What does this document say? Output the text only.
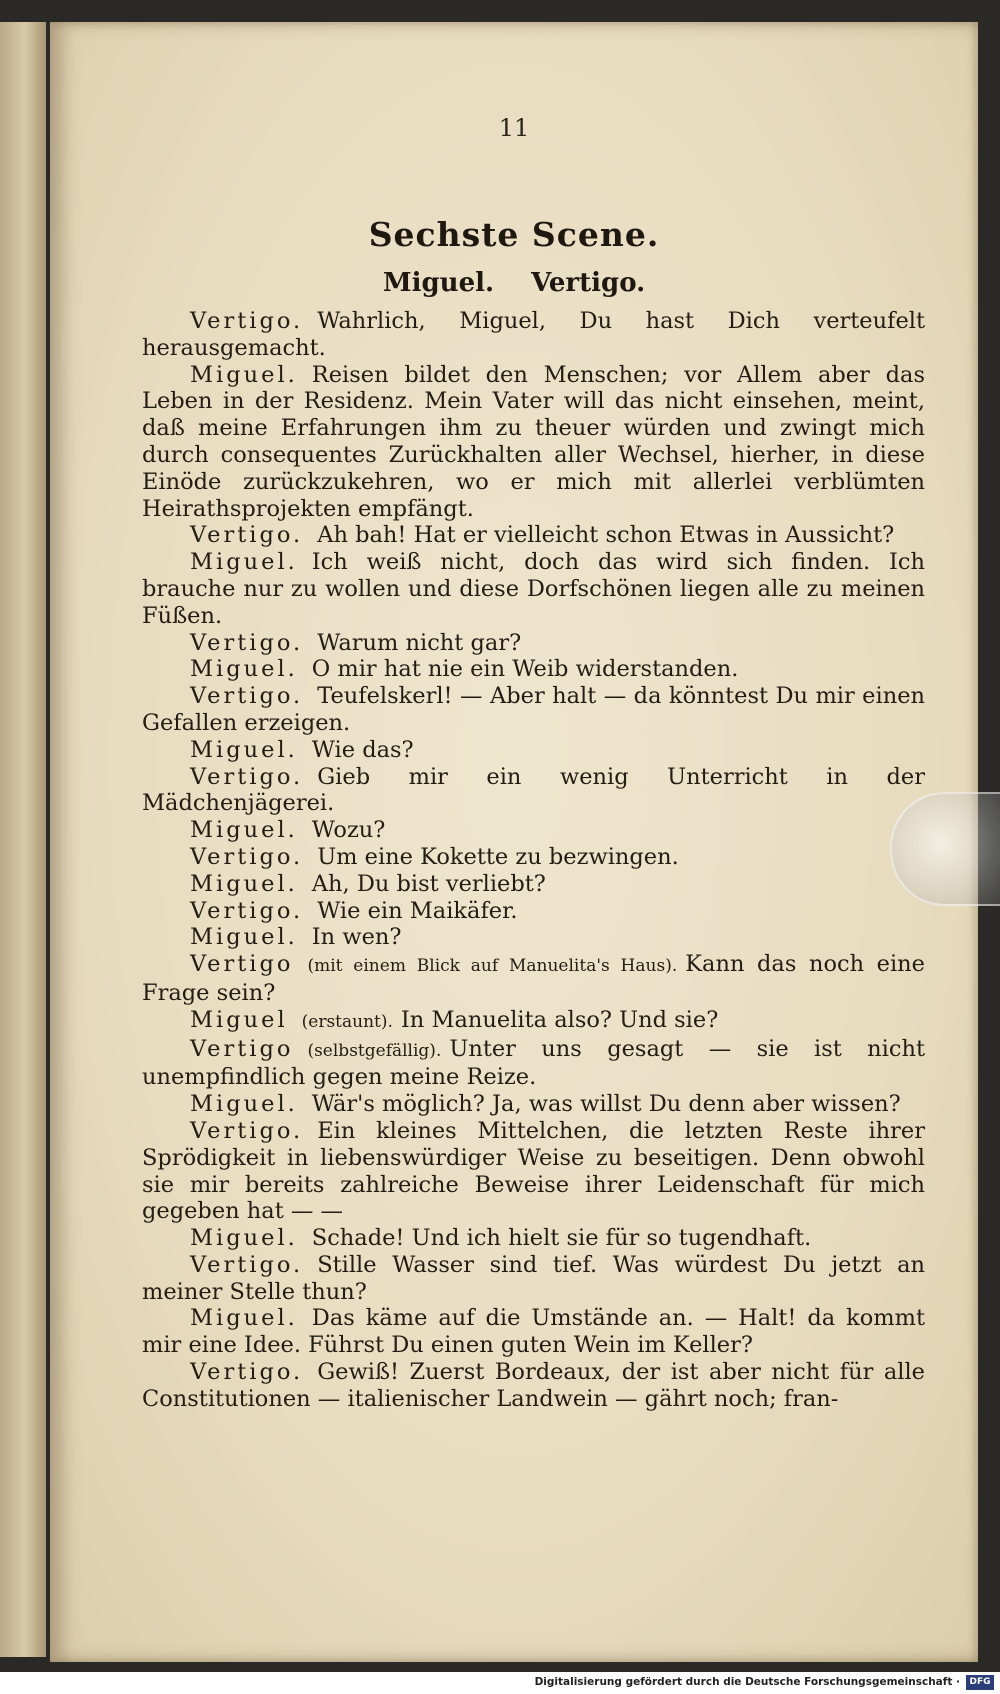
11
Sechste Scene.
Miguel. Vertigo.

Vertigo. Wahrlich, Miguel, Du hast Dich verteufelt herausgemacht.

Miguel. Reisen bildet den Menschen; vor Allem aber das Leben in der Residenz. Mein Vater will das nicht einsehen, meint, daß meine Erfahrungen ihm zu theuer würden und zwingt mich durch consequentes Zurückhalten aller Wechsel, hierher, in diese Einöde zurückzukehren, wo er mich mit allerlei verblümten Heirathsprojekten empfängt.

Vertigo. Ah bah! Hat er vielleicht schon Etwas in Aussicht?

Miguel. Ich weiß nicht, doch das wird sich finden. Ich brauche nur zu wollen und diese Dorfschönen liegen alle zu meinen Füßen.

Vertigo. Warum nicht gar?

Miguel. O mir hat nie ein Weib widerstanden.

Vertigo. Teufelskerl! — Aber halt — da könntest Du mir einen Gefallen erzeigen.

Miguel. Wie das?

Vertigo. Gieb mir ein wenig Unterricht in der Mädchenjägerei.

Miguel. Wozu?

Vertigo. Um eine Kokette zu bezwingen.

Miguel. Ah, Du bist verliebt?

Vertigo. Wie ein Maikäfer.

Miguel. In wen?

Vertigo (mit einem Blick auf Manuelita's Haus). Kann das noch eine Frage sein?

Miguel (erstaunt). In Manuelita also? Und sie?

Vertigo (selbstgefällig). Unter uns gesagt — sie ist nicht unempfindlich gegen meine Reize.

Miguel. Wär's möglich? Ja, was willst Du denn aber wissen?

Vertigo. Ein kleines Mittelchen, die letzten Reste ihrer Sprödigkeit in liebenswürdiger Weise zu beseitigen. Denn obwohl sie mir bereits zahlreiche Beweise ihrer Leidenschaft für mich gegeben hat — —

Miguel. Schade! Und ich hielt sie für so tugendhaft.

Vertigo. Stille Wasser sind tief. Was würdest Du jetzt an meiner Stelle thun?

Miguel. Das käme auf die Umstände an. — Halt! da kommt mir eine Idee. Führst Du einen guten Wein im Keller?

Vertigo. Gewiß! Zuerst Bordeaux, der ist aber nicht für alle Constitutionen — italienischer Landwein — gährt noch; fran-

Digitalisierung gefördert durch die Deutsche Forschungsgemeinschaft ·	DFG
